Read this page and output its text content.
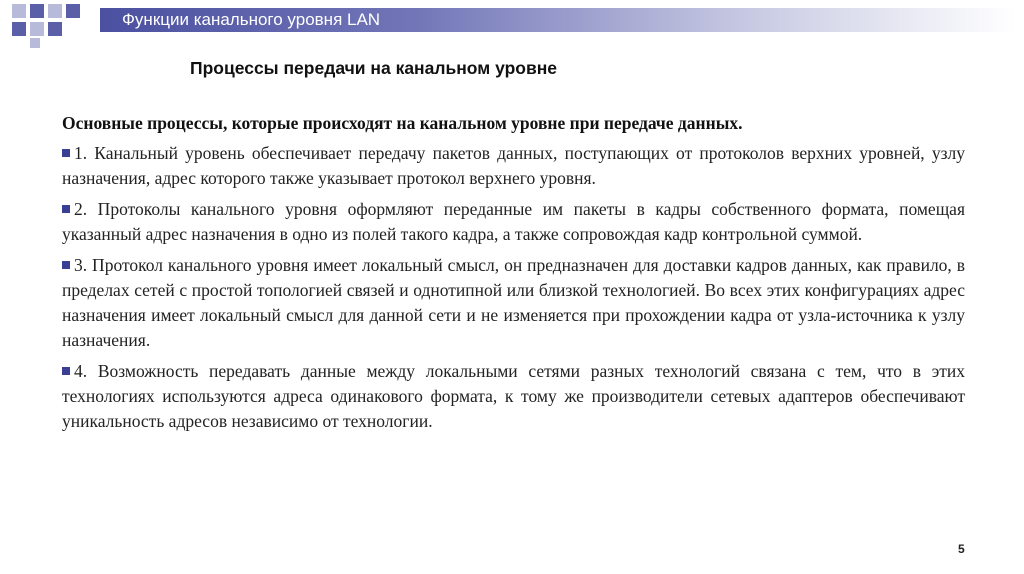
Функции канального уровня LAN
Процессы передачи на канальном уровне

Основные процессы, которые происходят на канальном уровне при передаче данных.

1. Канальный уровень обеспечивает передачу пакетов данных, поступающих от протоколов верхних уровней, узлу назначения, адрес которого также указывает протокол верхнего уровня.

2. Протоколы канального уровня оформляют переданные им пакеты в кадры собственного формата, помещая указанный адрес назначения в одно из полей такого кадра, а также сопровождая кадр контрольной суммой.

3. Протокол канального уровня имеет локальный смысл, он предназначен для доставки кадров данных, как правило, в пределах сетей с простой топологией связей и однотипной или близкой технологией. Во всех этих конфигурациях адрес назначения имеет локальный смысл для данной сети и не изменяется при прохождении кадра от узла-источника к узлу назначения.

4. Возможность передавать данные между локальными сетями разных технологий связана с тем, что в этих технологиях используются адреса одинакового формата, к тому же производители сетевых адаптеров обеспечивают уникальность адресов независимо от технологии.

5
